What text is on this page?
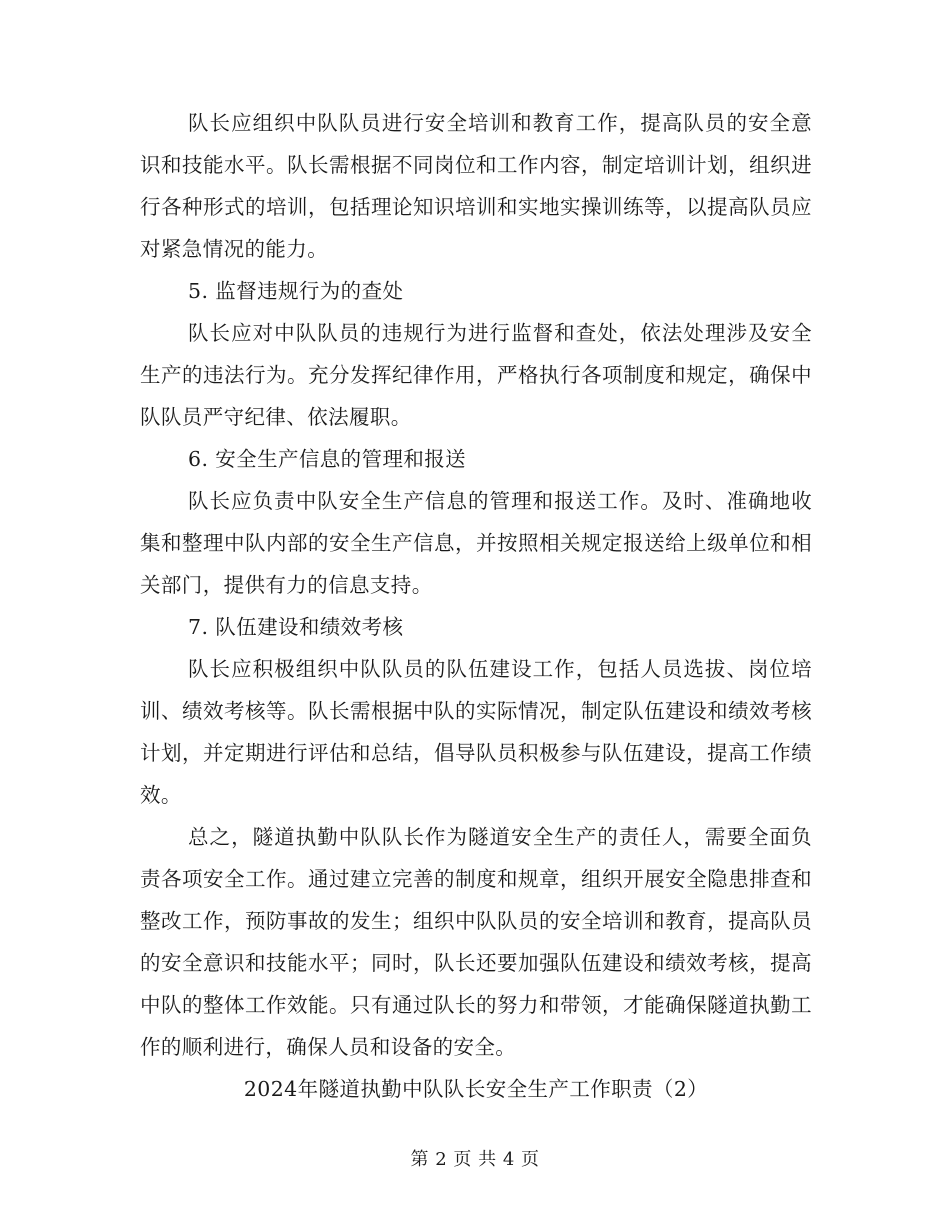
队长应组织中队队员进行安全培训和教育工作，提高队员的安全意识和技能水平。队长需根据不同岗位和工作内容，制定培训计划，组织进行各种形式的培训，包括理论知识培训和实地实操训练等，以提高队员应对紧急情况的能力。

5. 监督违规行为的查处

队长应对中队队员的违规行为进行监督和查处，依法处理涉及安全生产的违法行为。充分发挥纪律作用，严格执行各项制度和规定，确保中队队员严守纪律、依法履职。

6. 安全生产信息的管理和报送

队长应负责中队安全生产信息的管理和报送工作。及时、准确地收集和整理中队内部的安全生产信息，并按照相关规定报送给上级单位和相关部门，提供有力的信息支持。

7. 队伍建设和绩效考核

队长应积极组织中队队员的队伍建设工作，包括人员选拔、岗位培训、绩效考核等。队长需根据中队的实际情况，制定队伍建设和绩效考核计划，并定期进行评估和总结，倡导队员积极参与队伍建设，提高工作绩效。

总之，隧道执勤中队队长作为隧道安全生产的责任人，需要全面负责各项安全工作。通过建立完善的制度和规章，组织开展安全隐患排查和整改工作，预防事故的发生；组织中队队员的安全培训和教育，提高队员的安全意识和技能水平；同时，队长还要加强队伍建设和绩效考核，提高中队的整体工作效能。只有通过队长的努力和带领，才能确保隧道执勤工作的顺利进行，确保人员和设备的安全。

2024年隧道执勤中队队长安全生产工作职责（2）

第 2 页 共 4 页
